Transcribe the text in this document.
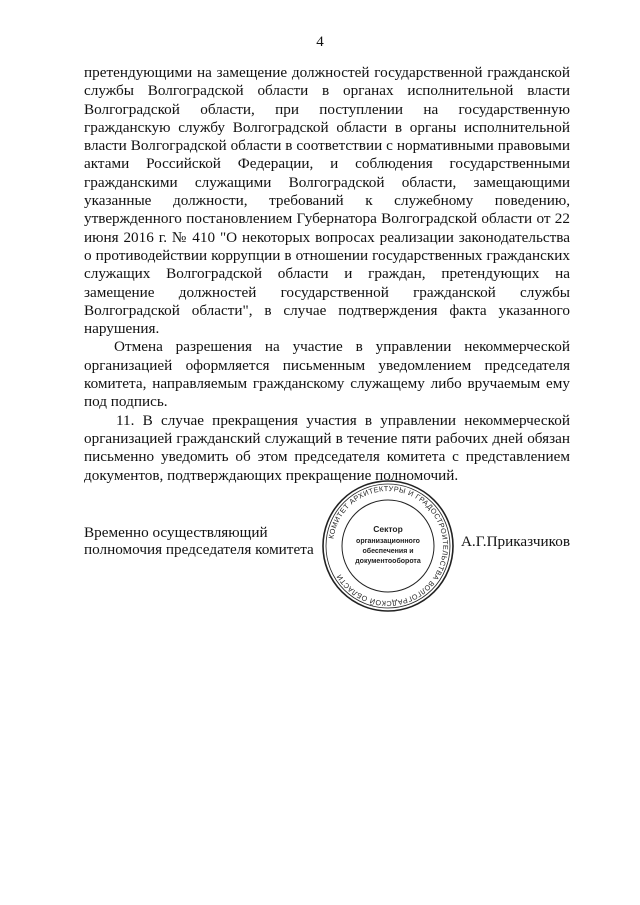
4

претендующими на замещение должностей государственной гражданской службы Волгоградской области в органах исполнительной власти Волгоградской области, при поступлении на государственную гражданскую службу Волгоградской области в органы исполнительной власти Волгоградской области в соответствии с нормативными правовыми актами Российской Федерации, и соблюдения государственными гражданскими служащими Волгоградской области, замещающими указанные должности, требований к служебному поведению, утвержденного постановлением Губернатора Волгоградской области от 22 июня 2016 г. № 410 "О некоторых вопросах реализации законодательства о противодействии коррупции в отношении государственных гражданских служащих Волгоградской области и граждан, претендующих на замещение должностей государственной гражданской службы Волгоградской области", в случае подтверждения факта указанного нарушения.

Отмена разрешения на участие в управлении некоммерческой организацией оформляется письменным уведомлением председателя комитета, направляемым гражданскому служащему либо вручаемым ему под подпись.

11. В случае прекращения участия в управлении некоммерческой организацией гражданский служащий в течение пяти рабочих дней обязан письменно уведомить об этом председателя комитета с представлением документов, подтверждающих прекращение полномочий.

Временно осуществляющий
полномочия председателя комитета
КОМИТЕТ АРХИТЕКТУРЫ И ГРАДОСТРОИТЕЛЬСТВА ВОЛГОГРАДСКОЙ ОБЛАСТИ
Сектор
организационного
обеспечения и
документооборота
А.Г.Приказчиков
